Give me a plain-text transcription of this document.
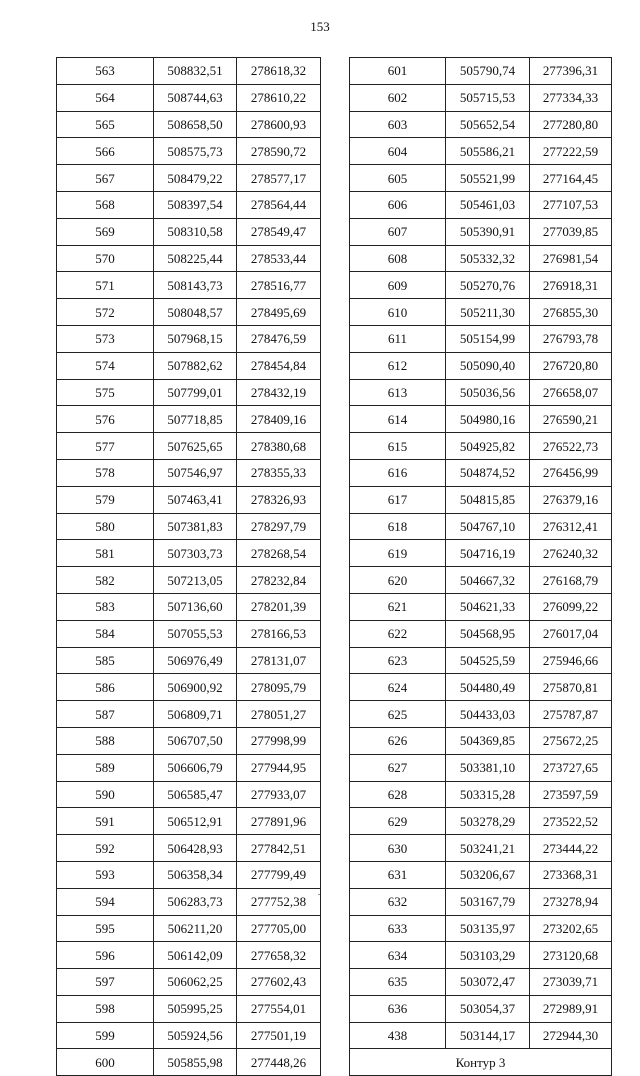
153
563	508832,51	278618,32
564	508744,63	278610,22
565	508658,50	278600,93
566	508575,73	278590,72
567	508479,22	278577,17
568	508397,54	278564,44
569	508310,58	278549,47
570	508225,44	278533,44
571	508143,73	278516,77
572	508048,57	278495,69
573	507968,15	278476,59
574	507882,62	278454,84
575	507799,01	278432,19
576	507718,85	278409,16
577	507625,65	278380,68
578	507546,97	278355,33
579	507463,41	278326,93
580	507381,83	278297,79
581	507303,73	278268,54
582	507213,05	278232,84
583	507136,60	278201,39
584	507055,53	278166,53
585	506976,49	278131,07
586	506900,92	278095,79
587	506809,71	278051,27
588	506707,50	277998,99
589	506606,79	277944,95
590	506585,47	277933,07
591	506512,91	277891,96
592	506428,93	277842,51
593	506358,34	277799,49
594	506283,73	277752,38
595	506211,20	277705,00
596	506142,09	277658,32
597	506062,25	277602,43
598	505995,25	277554,01
599	505924,56	277501,19
600	505855,98	277448,26
601	505790,74	277396,31
602	505715,53	277334,33
603	505652,54	277280,80
604	505586,21	277222,59
605	505521,99	277164,45
606	505461,03	277107,53
607	505390,91	277039,85
608	505332,32	276981,54
609	505270,76	276918,31
610	505211,30	276855,30
611	505154,99	276793,78
612	505090,40	276720,80
613	505036,56	276658,07
614	504980,16	276590,21
615	504925,82	276522,73
616	504874,52	276456,99
617	504815,85	276379,16
618	504767,10	276312,41
619	504716,19	276240,32
620	504667,32	276168,79
621	504621,33	276099,22
622	504568,95	276017,04
623	504525,59	275946,66
624	504480,49	275870,81
625	504433,03	275787,87
626	504369,85	275672,25
627	503381,10	273727,65
628	503315,28	273597,59
629	503278,29	273522,52
630	503241,21	273444,22
631	503206,67	273368,31
632	503167,79	273278,94
633	503135,97	273202,65
634	503103,29	273120,68
635	503072,47	273039,71
636	503054,37	272989,91
438	503144,17	272944,30
Контур 3		
